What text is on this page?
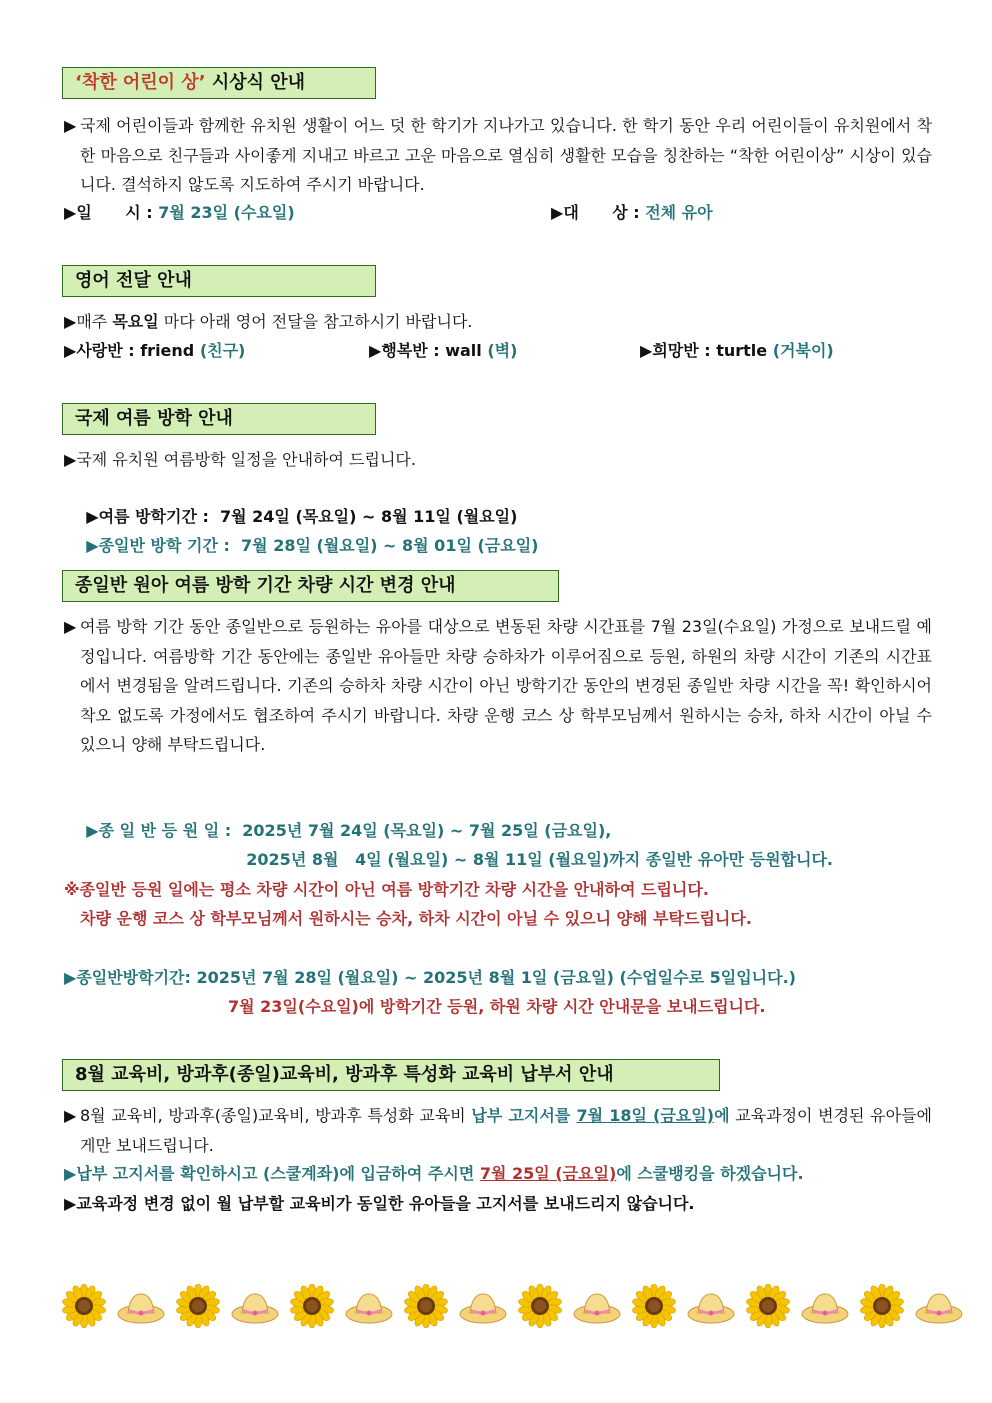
‘착한 어린이 상’ 시상식 안내
▶ 국제 어린이들과 함께한 유치원 생활이 어느 덧 한 학기가 지나가고 있습니다. 한 학기 동안 우리 어린이들이 유치원에서 착한 마음으로 친구들과 사이좋게 지내고 바르고 고운 마음으로 열심히 생활한 모습을 칭찬하는 “착한 어린이상” 시상이 있습니다. 결석하지 않도록 지도하여 주시기 바랍니다.
▶일      시 : 7월 23일 (수요일)	▶대      상 : 전체 유아
영어 전달 안내
▶매주 목요일 마다 아래 영어 전달을 참고하시기 바랍니다.
▶사랑반 : friend (친구)	▶행복반 : wall (벽)	▶희망반 : turtle (거북이)
국제 여름 방학 안내
▶국제 유치원 여름방학 일정을 안내하여 드립니다.

▶여름 방학기간 :  7월 24일 (목요일) ~ 8월 11일 (월요일)

▶종일반 방학 기간 :  7월 28일 (월요일) ~ 8월 01일 (금요일)

종일반 원아 여름 방학 기간 차량 시간 변경 안내
▶ 여름 방학 기간 동안 종일반으로 등원하는 유아를 대상으로 변동된 차량 시간표를 7월 23일(수요일) 가정으로 보내드릴 예정입니다. 여름방학 기간 동안에는 종일반 유아들만 차량 승하차가 이루어짐으로 등원, 하원의 차량 시간이 기존의 시간표에서 변경됨을 알려드립니다. 기존의 승하차 차량 시간이 아닌 방학기간 동안의 변경된 종일반 차량 시간을 꼭! 확인하시어 착오 없도록 가정에서도 협조하여 주시기 바랍니다. 차량 운행 코스 상 학부모님께서 원하시는 승차, 하차 시간이 아닐 수 있으니 양해 부탁드립니다.

▶종 일 반 등 원 일 :  2025년 7월 24일 (목요일) ~ 7월 25일 (금요일),

2025년 8월   4일 (월요일) ~ 8월 11일 (월요일)까지 종일반 유아만 등원합니다.

※종일반 등원 일에는 평소 차량 시간이 아닌 여름 방학기간 차량 시간을 안내하여 드립니다.
차량 운행 코스 상 학부모님께서 원하시는 승차, 하차 시간이 아닐 수 있으니 양해 부탁드립니다.
▶종일반방학기간: 2025년 7월 28일 (월요일) ~ 2025년 8월 1일 (금요일) (수업일수로 5일입니다.)
7월 23일(수요일)에 방학기간 등원, 하원 차량 시간 안내문을 보내드립니다.
8월 교육비, 방과후(종일)교육비, 방과후 특성화 교육비 납부서 안내
▶ 8월 교육비, 방과후(종일)교육비, 방과후 특성화 교육비 납부 고지서를 7월 18일 (금요일)에 교육과정이 변경된 유아들에게만 보내드립니다.
▶납부 고지서를 확인하시고 (스쿨계좌)에 입금하여 주시면 7월 25일 (금요일)에 스쿨뱅킹을 하겠습니다.
▶교육과정 변경 없이 월 납부할 교육비가 동일한 유아들을 고지서를 보내드리지 않습니다.
